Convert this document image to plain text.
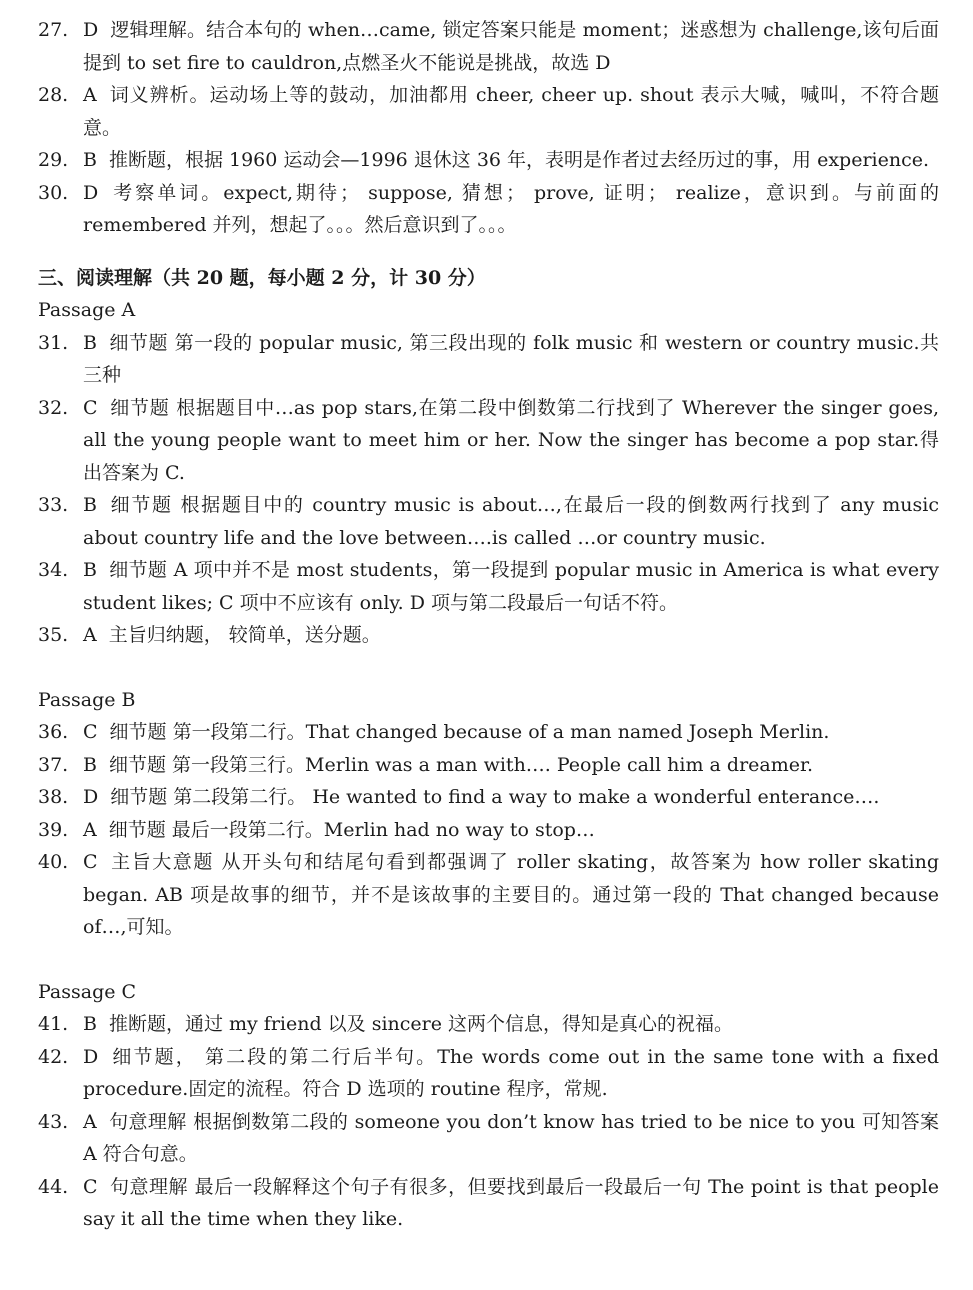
27. D 逻辑理解。结合本句的 when…came, 锁定答案只能是 moment；迷惑想为 challenge,该句后面提到 to set fire to cauldron,点燃圣火不能说是挑战，故选 D
28. A 词义辨析。运动场上等的鼓动，加油都用 cheer, cheer up. shout 表示大喊，喊叫，不符合题意。
29. B 推断题，根据 1960 运动会—1996 退休这 36 年，表明是作者过去经历过的事，用 experience.
30. D 考察单词。expect,期待； suppose, 猜想； prove, 证明； realize，意识到。与前面的 remembered 并列，想起了。。。然后意识到了。。。
三、阅读理解（共 20 题，每小题 2 分，计 30 分）
Passage A
31. B 细节题 第一段的 popular music, 第三段出现的 folk music 和 western or country music.共三种
32. C 细节题 根据题目中…as pop stars,在第二段中倒数第二行找到了 Wherever the singer goes, all the young people want to meet him or her. Now the singer has become a pop star.得出答案为 C.
33. B 细节题 根据题目中的 country music is about…,在最后一段的倒数两行找到了 any music about country life and the love between….is called …or country music.
34. B 细节题 A 项中并不是 most students，第一段提到 popular music in America is what every student likes; C 项中不应该有 only. D 项与第二段最后一句话不符。
35. A 主旨归纳题， 较简单，送分题。
Passage B
36. C 细节题 第一段第二行。That changed because of a man named Joseph Merlin.
37. B 细节题 第一段第三行。Merlin was a man with…. People call him a dreamer.
38. D 细节题 第二段第二行。 He wanted to find a way to make a wonderful enterance….
39. A 细节题 最后一段第二行。Merlin had no way to stop…
40. C 主旨大意题 从开头句和结尾句看到都强调了 roller skating，故答案为 how roller skating began. AB 项是故事的细节，并不是该故事的主要目的。通过第一段的 That changed because of…,可知。
Passage C
41. B 推断题，通过 my friend 以及 sincere 这两个信息，得知是真心的祝福。
42. D 细节题， 第二段的第二行后半句。The words come out in the same tone with a fixed procedure.固定的流程。符合 D 选项的 routine 程序，常规.
43. A 句意理解 根据倒数第二段的 someone you don’t know has tried to be nice to you 可知答案 A 符合句意。
44. C 句意理解 最后一段解释这个句子有很多，但要找到最后一段最后一句 The point is that people say it all the time when they like.
